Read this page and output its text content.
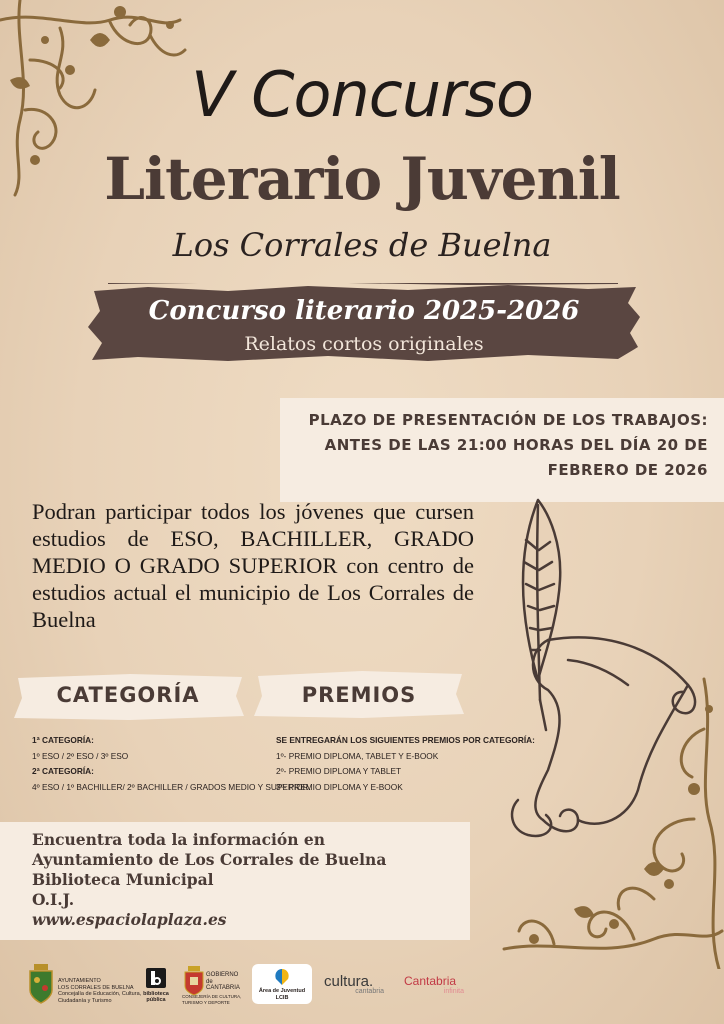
V Concurso
Literario Juvenil
Los Corrales de Buelna
Concurso literario 2025-2026
Relatos cortos originales
PLAZO DE PRESENTACIÓN DE LOS TRABAJOS:
ANTES DE LAS 21:00 HORAS DEL DÍA 20 DE
FEBRERO DE 2026
Podran participar todos los jóvenes que cursen estudios de ESO, BACHILLER, GRADO MEDIO O GRADO SUPERIOR con centro de estudios actual el municipio de Los Corrales de Buelna
CATEGORÍA	PREMIOS
1ª CATEGORÍA:
1º ESO / 2º ESO / 3º ESO
2ª CATEGORÍA:
4º ESO / 1º BACHILLER/ 2º BACHILLER / GRADOS MEDIO Y SUPERIOR.
SE ENTREGARÁN LOS SIGUIENTES PREMIOS POR CATEGORÍA:
1º- PREMIO DIPLOMA, TABLET Y E-BOOK
2º- PREMIO DIPLOMA Y TABLET
3º- PREMIO DIPLOMA Y E-BOOK
Encuentra toda la información en
Ayuntamiento de Los Corrales de Buelna
Biblioteca Municipal
O.I.J.
www.espaciolaplaza.es
AYUNTAMIENTO
LOS CORRALES DE BUELNA
Concejalía de Educación, Cultura,
Ciudadanía y Turismo
biblioteca
pública
GOBIERNO
de
CANTABRIA
CONSEJERÍA DE CULTURA,
TURISMO Y DEPORTE
Área de Juventud
LCIB
cultura.
cantabria
Cantabria
infinita
